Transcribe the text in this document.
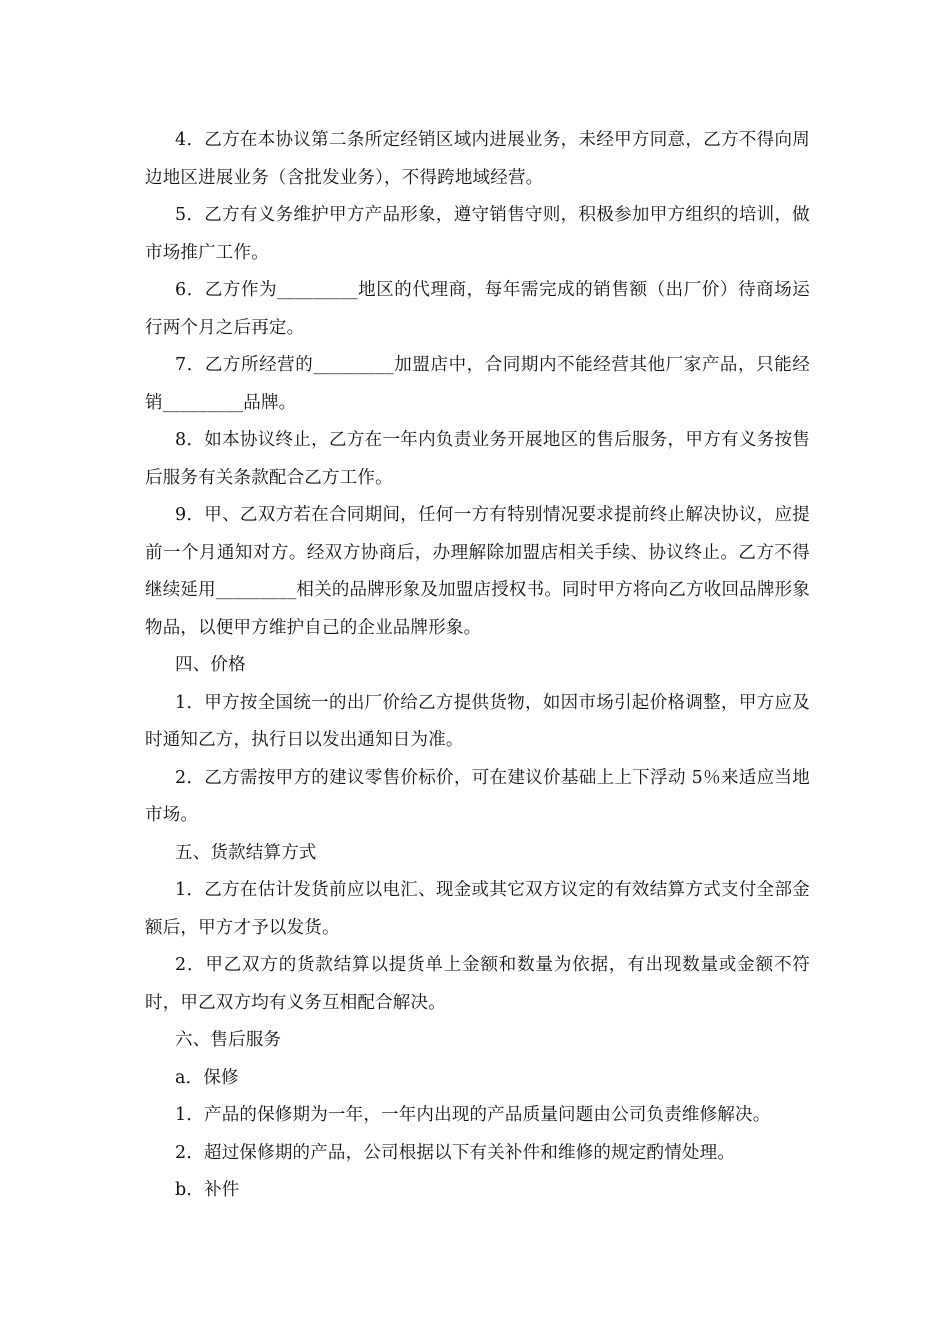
4．乙方在本协议第二条所定经销区域内进展业务，未经甲方同意，乙方不得向周边地区进展业务（含批发业务），不得跨地域经营。

5．乙方有义务维护甲方产品形象，遵守销售守则，积极参加甲方组织的培训，做市场推广工作。

6．乙方作为_________地区的代理商，每年需完成的销售额（出厂价）待商场运行两个月之后再定。

7．乙方所经营的_________加盟店中，合同期内不能经营其他厂家产品，只能经销_________品牌。

8．如本协议终止，乙方在一年内负责业务开展地区的售后服务，甲方有义务按售后服务有关条款配合乙方工作。

9．甲、乙双方若在合同期间，任何一方有特别情况要求提前终止解决协议，应提前一个月通知对方。经双方协商后，办理解除加盟店相关手续、协议终止。乙方不得继续延用_________相关的品牌形象及加盟店授权书。同时甲方将向乙方收回品牌形象物品，以便甲方维护自己的企业品牌形象。

四、价格

1．甲方按全国统一的出厂价给乙方提供货物，如因市场引起价格调整，甲方应及时通知乙方，执行日以发出通知日为准。

2．乙方需按甲方的建议零售价标价，可在建议价基础上上下浮动 5％来适应当地市场。

五、货款结算方式

1．乙方在估计发货前应以电汇、现金或其它双方议定的有效结算方式支付全部金额后，甲方才予以发货。

2．甲乙双方的货款结算以提货单上金额和数量为依据，有出现数量或金额不符时，甲乙双方均有义务互相配合解决。

六、售后服务

a．保修

1．产品的保修期为一年，一年内出现的产品质量问题由公司负责维修解决。

2．超过保修期的产品，公司根据以下有关补件和维修的规定酌情处理。

b．补件
